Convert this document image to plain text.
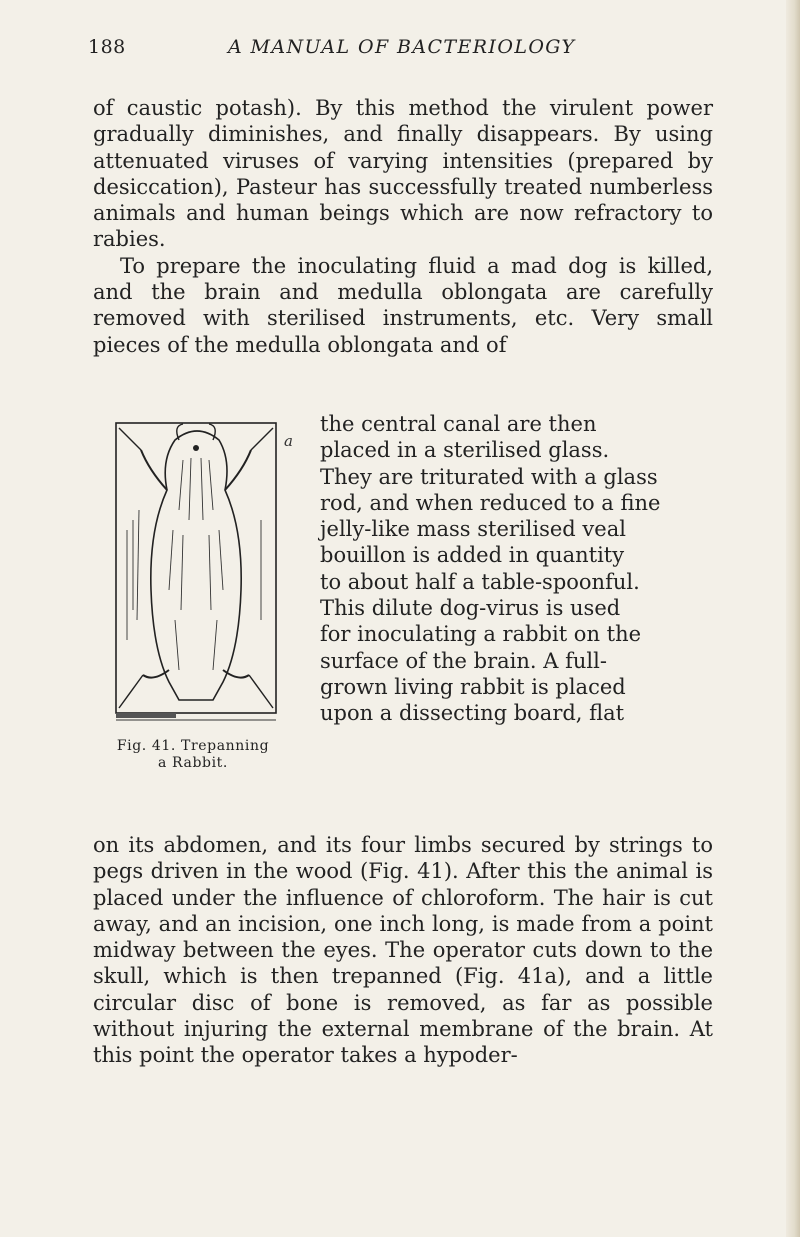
188	A MANUAL OF BACTERIOLOGY

of caustic potash). By this method the virulent power gradually diminishes, and finally disappears. By using attenuated viruses of varying intensities (prepared by desiccation), Pasteur has successfully treated numberless animals and human beings which are now refractory to rabies.

To prepare the inoculating fluid a mad dog is killed, and the brain and medulla oblongata are carefully removed with sterilised instruments, etc. Very small pieces of the medulla oblongata and of

a
Fig. 41. Trepanning
a Rabbit.
the central canal are then
placed in a sterilised glass.
They are triturated with a glass
rod, and when reduced to a fine
jelly-like mass sterilised veal
bouillon is added in quantity
to about half a table-spoonful.
This dilute dog-virus is used
for inoculating a rabbit on the
surface of the brain. A full-
grown living rabbit is placed
upon a dissecting board, flat
on its abdomen, and its four limbs secured by strings to pegs driven in the wood (Fig. 41). After this the animal is placed under the influence of chloroform. The hair is cut away, and an incision, one inch long, is made from a point midway between the eyes. The operator cuts down to the skull, which is then trepanned (Fig. 41a), and a little circular disc of bone is removed, as far as possible without injuring the external membrane of the brain. At this point the operator takes a hypoder-
